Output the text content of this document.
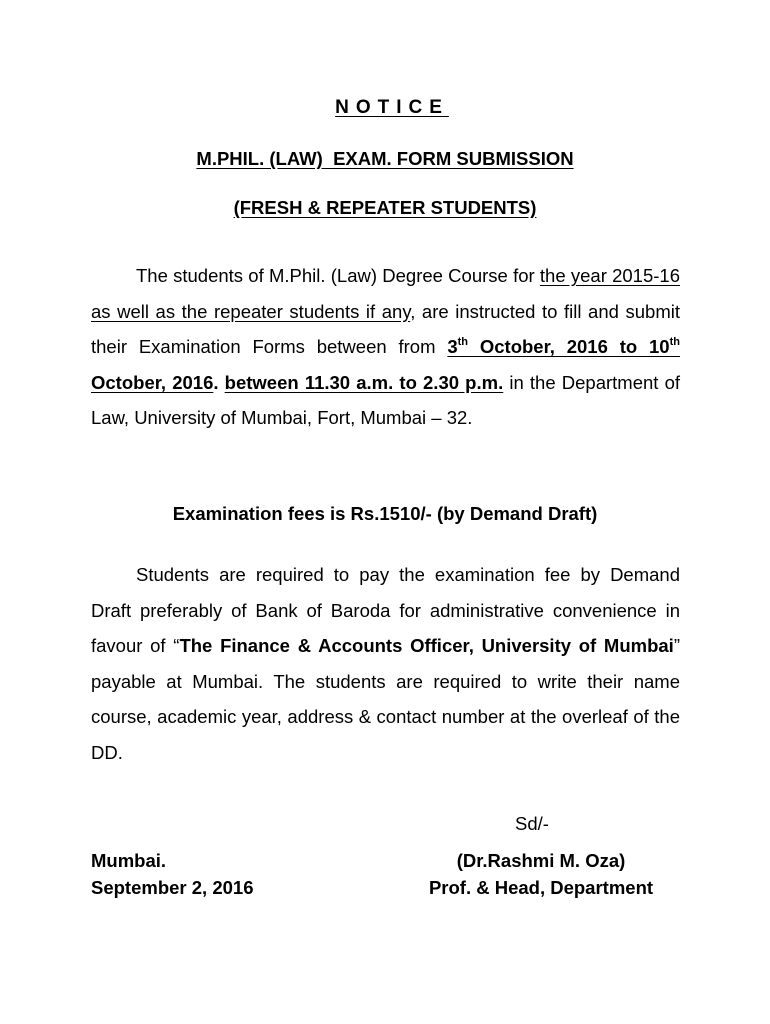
NOTICE
M.PHIL. (LAW)  EXAM. FORM SUBMISSION
(FRESH & REPEATER STUDENTS)
The students of M.Phil. (Law) Degree Course for the year 2015-16 as well as the repeater students if any, are instructed to fill and submit their Examination Forms between from 3th October, 2016 to 10th October, 2016. between 11.30 a.m. to 2.30 p.m. in the Department of Law, University of Mumbai, Fort, Mumbai – 32.
Examination fees is Rs.1510/- (by Demand Draft)
Students are required to pay the examination fee by Demand Draft preferably of Bank of Baroda for administrative convenience in favour of “The Finance & Accounts Officer, University of Mumbai” payable at Mumbai. The students are required to write their name course, academic year, address & contact number at the overleaf of the DD.
Sd/-
Mumbai.
September 2, 2016
(Dr.Rashmi M. Oza)
Prof. & Head, Department
